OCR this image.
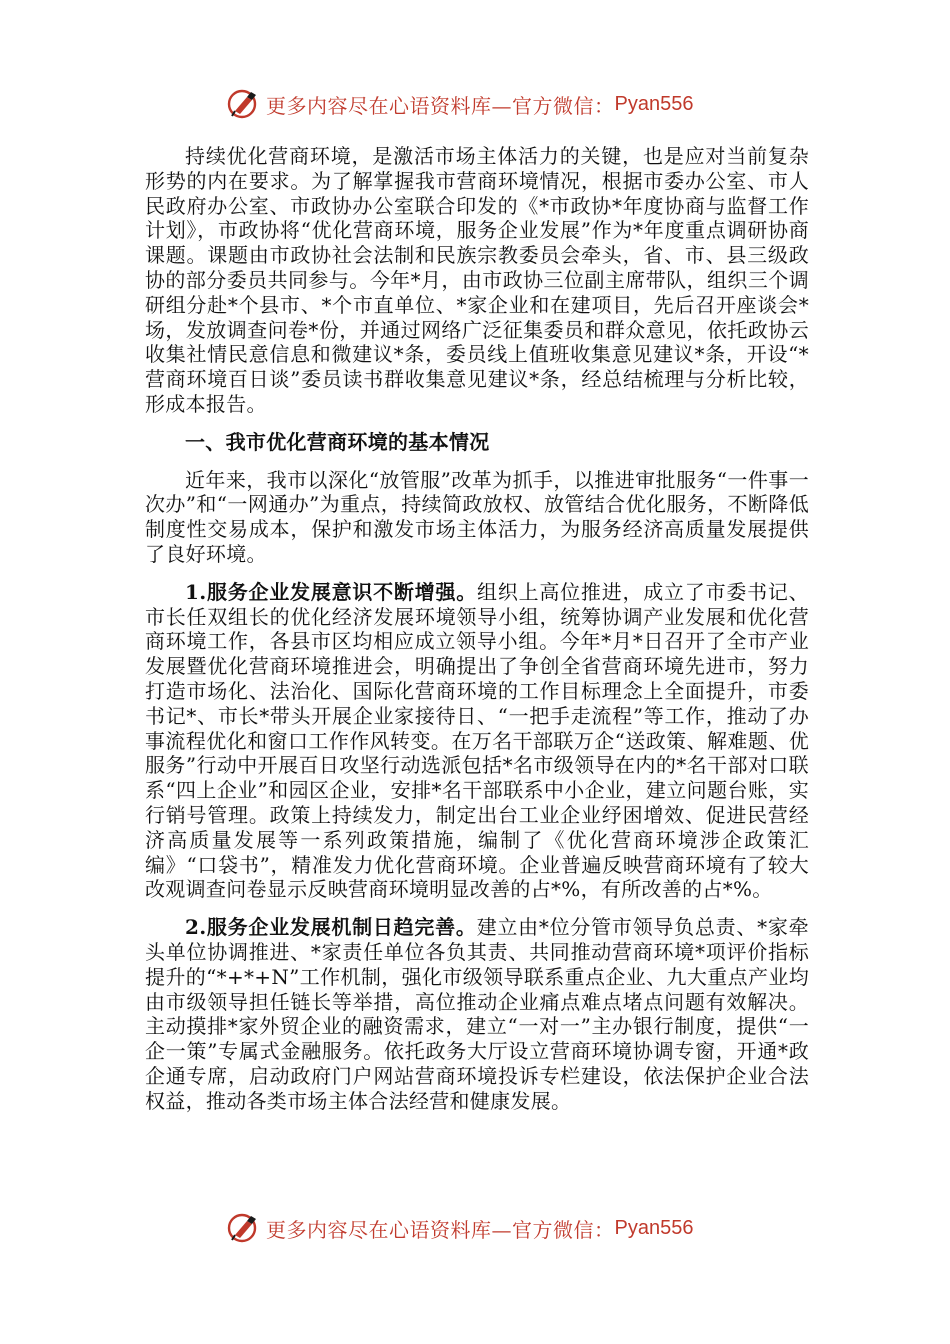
更多内容尽在心语资料库—官方微信： Pyan556

持续优化营商环境，是激活市场主体活力的关键，也是应对当前复杂形势的内在要求。为了解掌握我市营商环境情况，根据市委办公室、市人民政府办公室、市政协办公室联合印发的《*市政协*年度协商与监督工作计划》，市政协将“优化营商环境，服务企业发展”作为*年度重点调研协商课题。课题由市政协社会法制和民族宗教委员会牵头，省、市、县三级政协的部分委员共同参与。今年*月，由市政协三位副主席带队，组织三个调研组分赴*个县市、*个市直单位、*家企业和在建项目，先后召开座谈会*场，发放调查问卷*份，并通过网络广泛征集委员和群众意见，依托政协云收集社情民意信息和微建议*条，委员线上值班收集意见建议*条，开设“*营商环境百日谈”委员读书群收集意见建议*条，经总结梳理与分析比较，形成本报告。

一、我市优化营商环境的基本情况

近年来，我市以深化“放管服”改革为抓手，以推进审批服务“一件事一次办”和“一网通办”为重点，持续简政放权、放管结合优化服务，不断降低制度性交易成本，保护和激发市场主体活力，为服务经济高质量发展提供了良好环境。

1.服务企业发展意识不断增强。组织上高位推进，成立了市委书记、市长任双组长的优化经济发展环境领导小组，统筹协调产业发展和优化营商环境工作，各县市区均相应成立领导小组。今年*月*日召开了全市产业发展暨优化营商环境推进会，明确提出了争创全省营商环境先进市，努力打造市场化、法治化、国际化营商环境的工作目标理念上全面提升，市委书记*、市长*带头开展企业家接待日、“一把手走流程”等工作，推动了办事流程优化和窗口工作作风转变。在万名干部联万企“送政策、解难题、优服务”行动中开展百日攻坚行动选派包括*名市级领导在内的*名干部对口联系“四上企业”和园区企业，安排*名干部联系中小企业，建立问题台账，实行销号管理。政策上持续发力，制定出台工业企业纾困增效、促进民营经济高质量发展等一系列政策措施，编制了《优化营商环境涉企政策汇编》“口袋书”，精准发力优化营商环境。企业普遍反映营商环境有了较大改观调查问卷显示反映营商环境明显改善的占*%，有所改善的占*%。

2.服务企业发展机制日趋完善。建立由*位分管市领导负总责、*家牵头单位协调推进、*家责任单位各负其责、共同推动营商环境*项评价指标提升的“*+*+N”工作机制，强化市级领导联系重点企业、九大重点产业均由市级领导担任链长等举措，高位推动企业痛点难点堵点问题有效解决。主动摸排*家外贸企业的融资需求，建立“一对一”主办银行制度，提供“一企一策”专属式金融服务。依托政务大厅设立营商环境协调专窗，开通*政企通专席，启动政府门户网站营商环境投诉专栏建设，依法保护企业合法权益，推动各类市场主体合法经营和健康发展。

更多内容尽在心语资料库—官方微信： Pyan556
